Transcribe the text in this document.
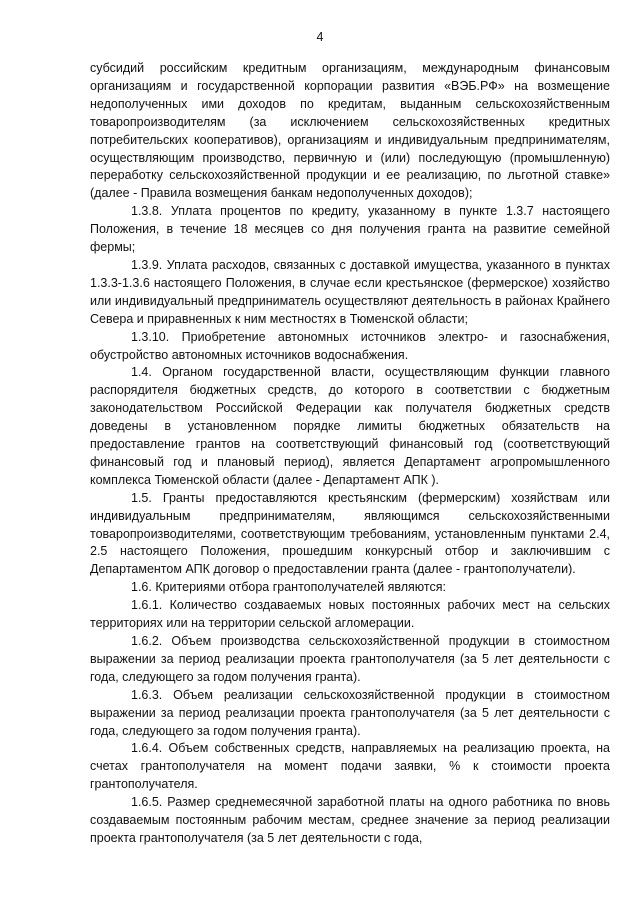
4

субсидий российским кредитным организациям, международным финансовым организациям и государственной корпорации развития «ВЭБ.РФ» на возмещение недополученных ими доходов по кредитам, выданным сельскохозяйственным товаропроизводителям (за исключением сельскохозяйственных кредитных потребительских кооперативов), организациям и индивидуальным предпринимателям, осуществляющим производство, первичную и (или) последующую (промышленную) переработку сельскохозяйственной продукции и ее реализацию, по льготной ставке» (далее - Правила возмещения банкам недополученных доходов);

1.3.8. Уплата процентов по кредиту, указанному в пункте 1.3.7 настоящего Положения, в течение 18 месяцев со дня получения гранта на развитие семейной фермы;

1.3.9. Уплата расходов, связанных с доставкой имущества, указанного в пунктах 1.3.3-1.3.6 настоящего Положения, в случае если крестьянское (фермерское) хозяйство или индивидуальный предприниматель осуществляют деятельность в районах Крайнего Севера и приравненных к ним местностях в Тюменской области;

1.3.10. Приобретение автономных источников электро- и газоснабжения, обустройство автономных источников водоснабжения.

1.4. Органом государственной власти, осуществляющим функции главного распорядителя бюджетных средств, до которого в соответствии с бюджетным законодательством Российской Федерации как получателя бюджетных средств доведены в установленном порядке лимиты бюджетных обязательств на предоставление грантов на соответствующий финансовый год (соответствующий финансовый год и плановый период), является Департамент агропромышленного комплекса Тюменской области (далее - Департамент АПК ).

1.5. Гранты предоставляются крестьянским (фермерским) хозяйствам или индивидуальным предпринимателям, являющимся сельскохозяйственными товаропроизводителями, соответствующим требованиям, установленным пунктами 2.4, 2.5 настоящего Положения, прошедшим конкурсный отбор и заключившим с Департаментом АПК договор о предоставлении гранта (далее - грантополучатели).

1.6. Критериями отбора грантополучателей являются:

1.6.1. Количество создаваемых новых постоянных рабочих мест на сельских территориях или на территории сельской агломерации.

1.6.2. Объем производства сельскохозяйственной продукции в стоимостном выражении за период реализации проекта грантополучателя (за 5 лет деятельности с года, следующего за годом получения гранта).

1.6.3. Объем реализации сельскохозяйственной продукции в стоимостном выражении за период реализации проекта грантополучателя (за 5 лет деятельности с года, следующего за годом получения гранта).

1.6.4. Объем собственных средств, направляемых на реализацию проекта, на счетах грантополучателя на момент подачи заявки, % к стоимости проекта грантополучателя.

1.6.5. Размер среднемесячной заработной платы на одного работника по вновь создаваемым постоянным рабочим местам, среднее значение за период реализации проекта грантополучателя (за 5 лет деятельности с года,
